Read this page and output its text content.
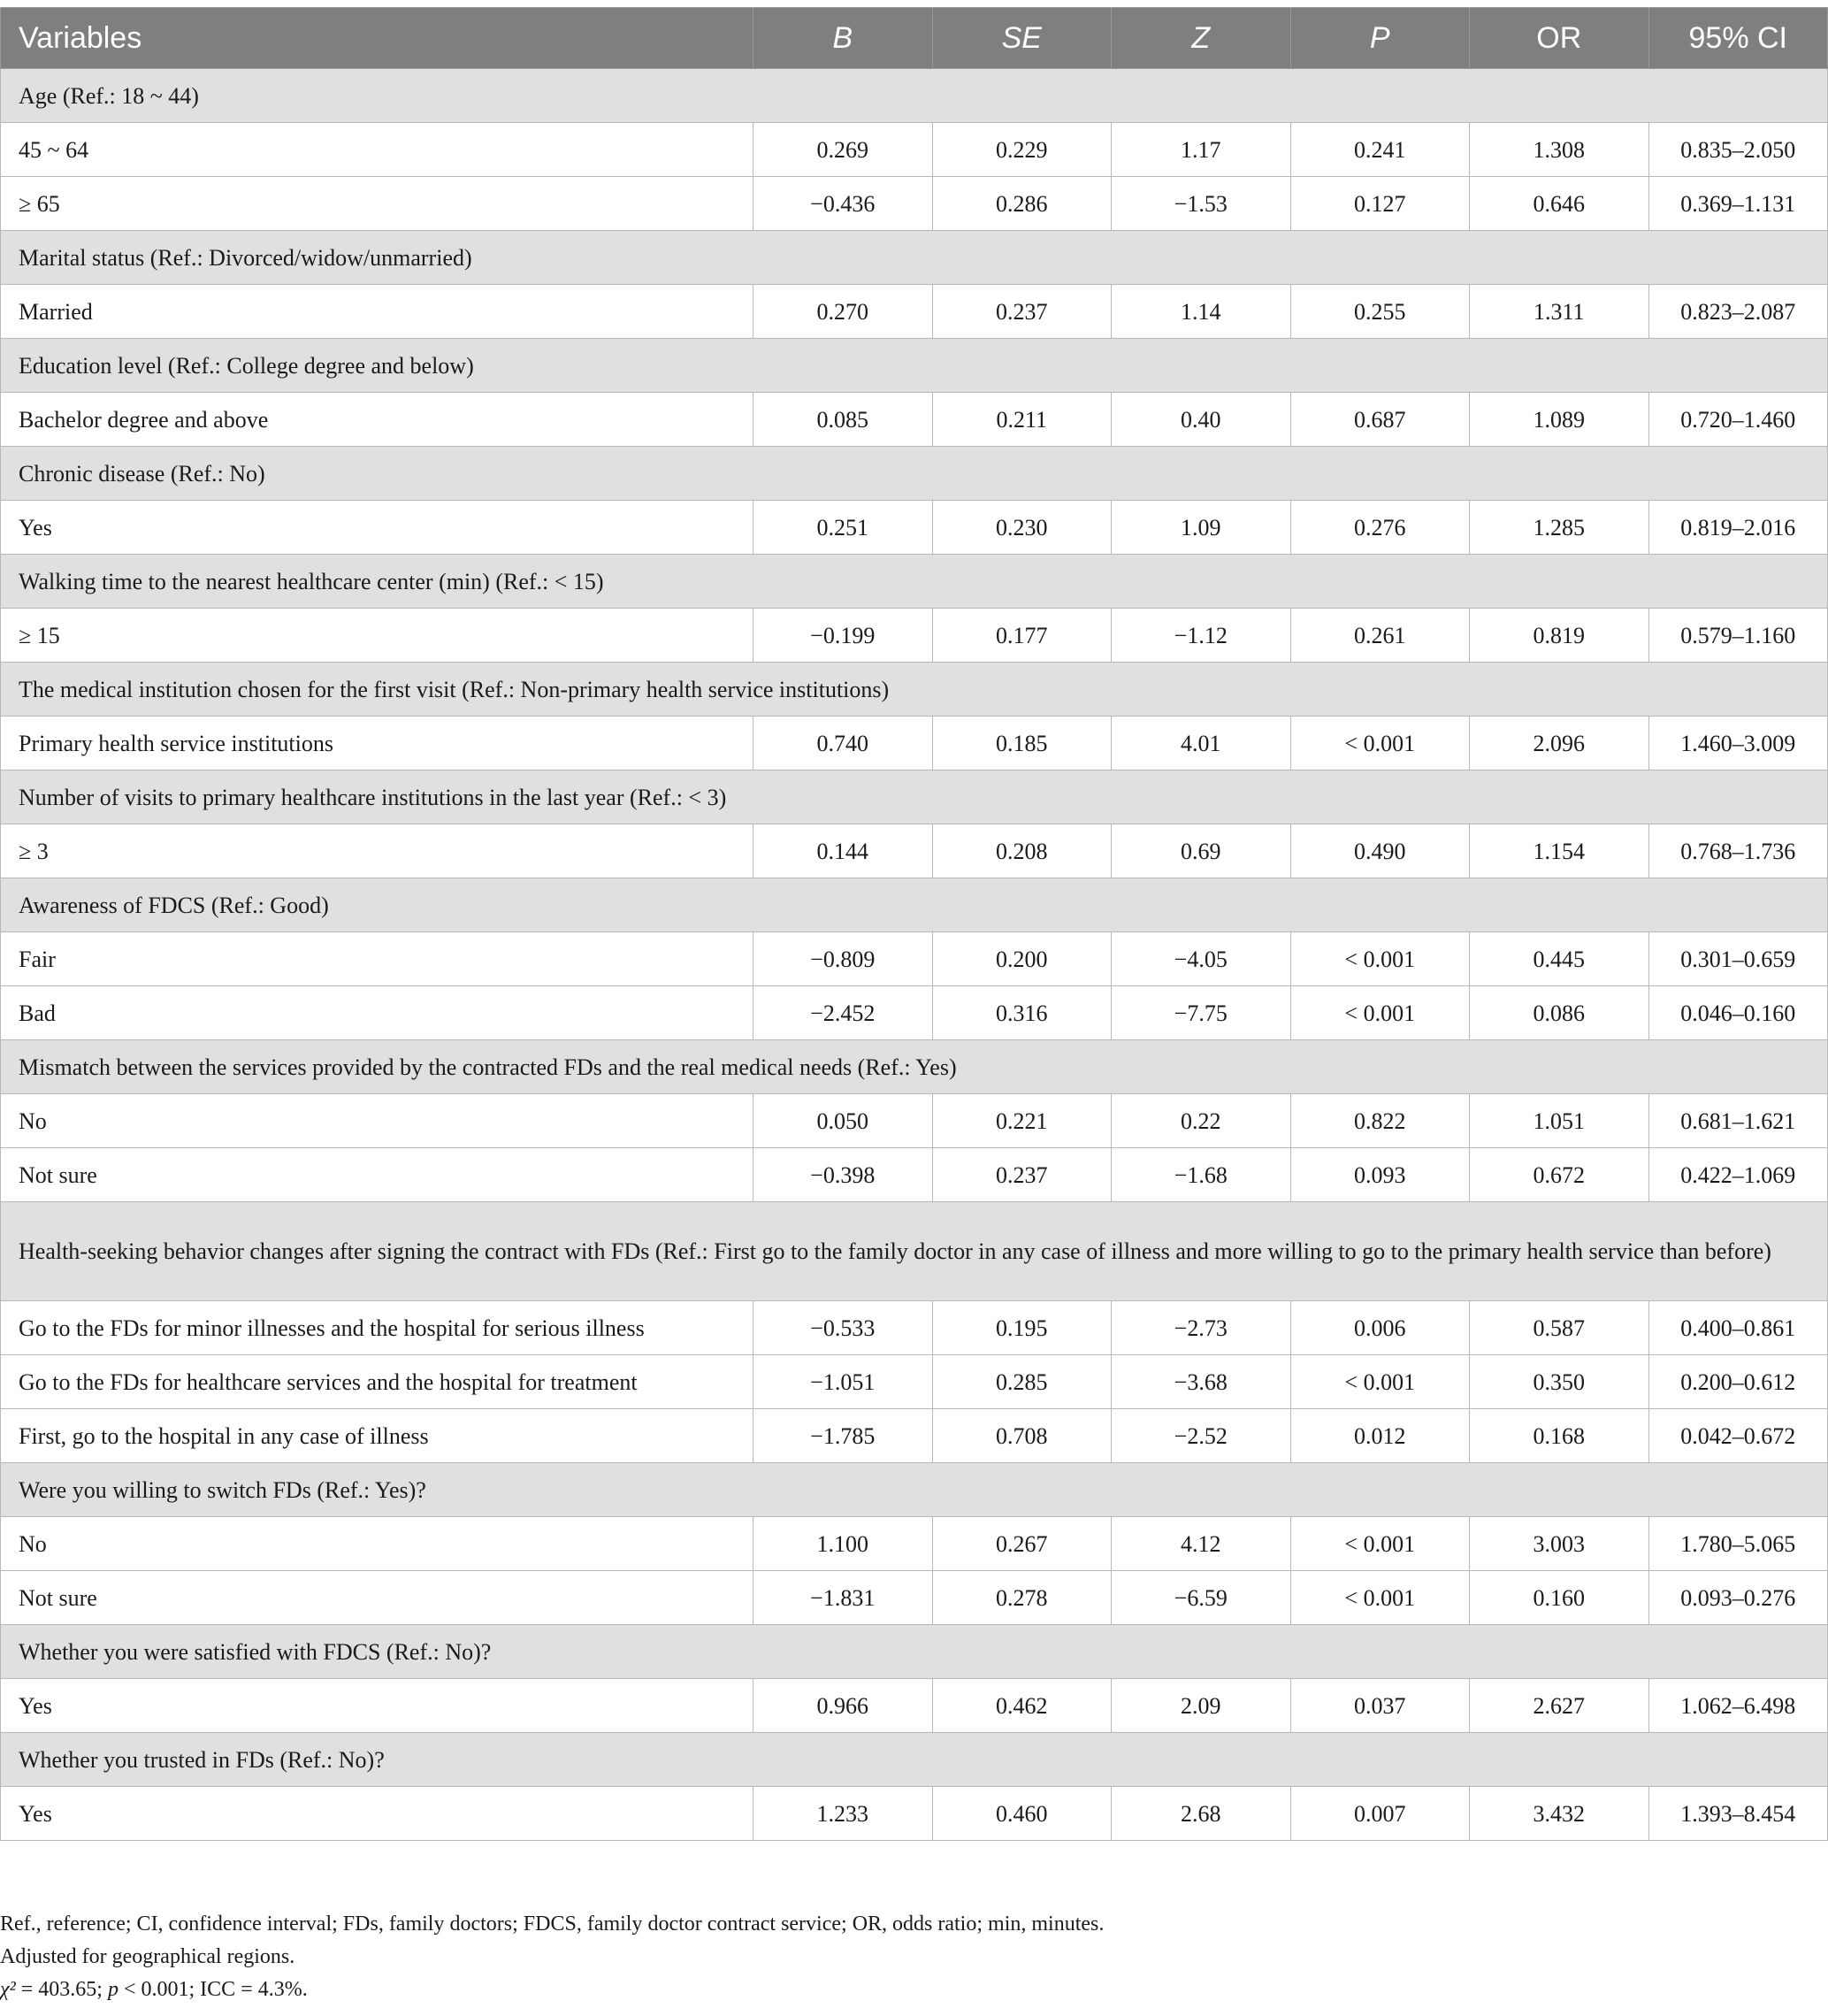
Variables	B	SE	Z	P	OR	95% CI
Age (Ref.: 18 ~ 44)						
45 ~ 64	0.269	0.229	1.17	0.241	1.308	0.835–2.050
≥ 65	−0.436	0.286	−1.53	0.127	0.646	0.369–1.131
Marital status (Ref.: Divorced/widow/unmarried)						
Married	0.270	0.237	1.14	0.255	1.311	0.823–2.087
Education level (Ref.: College degree and below)						
Bachelor degree and above	0.085	0.211	0.40	0.687	1.089	0.720–1.460
Chronic disease (Ref.: No)						
Yes	0.251	0.230	1.09	0.276	1.285	0.819–2.016
Walking time to the nearest healthcare center (min) (Ref.: < 15)						
≥ 15	−0.199	0.177	−1.12	0.261	0.819	0.579–1.160
The medical institution chosen for the first visit (Ref.: Non-primary health service institutions)						
Primary health service institutions	0.740	0.185	4.01	< 0.001	2.096	1.460–3.009
Number of visits to primary healthcare institutions in the last year (Ref.: < 3)						
≥ 3	0.144	0.208	0.69	0.490	1.154	0.768–1.736
Awareness of FDCS (Ref.: Good)						
Fair	−0.809	0.200	−4.05	< 0.001	0.445	0.301–0.659
Bad	−2.452	0.316	−7.75	< 0.001	0.086	0.046–0.160
Mismatch between the services provided by the contracted FDs and the real medical needs (Ref.: Yes)						
No	0.050	0.221	0.22	0.822	1.051	0.681–1.621
Not sure	−0.398	0.237	−1.68	0.093	0.672	0.422–1.069
Health-seeking behavior changes after signing the contract with FDs (Ref.: First go to the family doctor in any case of illness and more willing to go to the primary health service than before)						
Go to the FDs for minor illnesses and the hospital for serious illness	−0.533	0.195	−2.73	0.006	0.587	0.400–0.861
Go to the FDs for healthcare services and the hospital for treatment	−1.051	0.285	−3.68	< 0.001	0.350	0.200–0.612
First, go to the hospital in any case of illness	−1.785	0.708	−2.52	0.012	0.168	0.042–0.672
Were you willing to switch FDs (Ref.: Yes)?						
No	1.100	0.267	4.12	< 0.001	3.003	1.780–5.065
Not sure	−1.831	0.278	−6.59	< 0.001	0.160	0.093–0.276
Whether you were satisfied with FDCS (Ref.: No)?						
Yes	0.966	0.462	2.09	0.037	2.627	1.062–6.498
Whether you trusted in FDs (Ref.: No)?						
Yes	1.233	0.460	2.68	0.007	3.432	1.393–8.454

Ref., reference; CI, confidence interval; FDs, family doctors; FDCS, family doctor contract service; OR, odds ratio; min, minutes.

Adjusted for geographical regions.

χ² = 403.65; p < 0.001; ICC = 4.3%.
